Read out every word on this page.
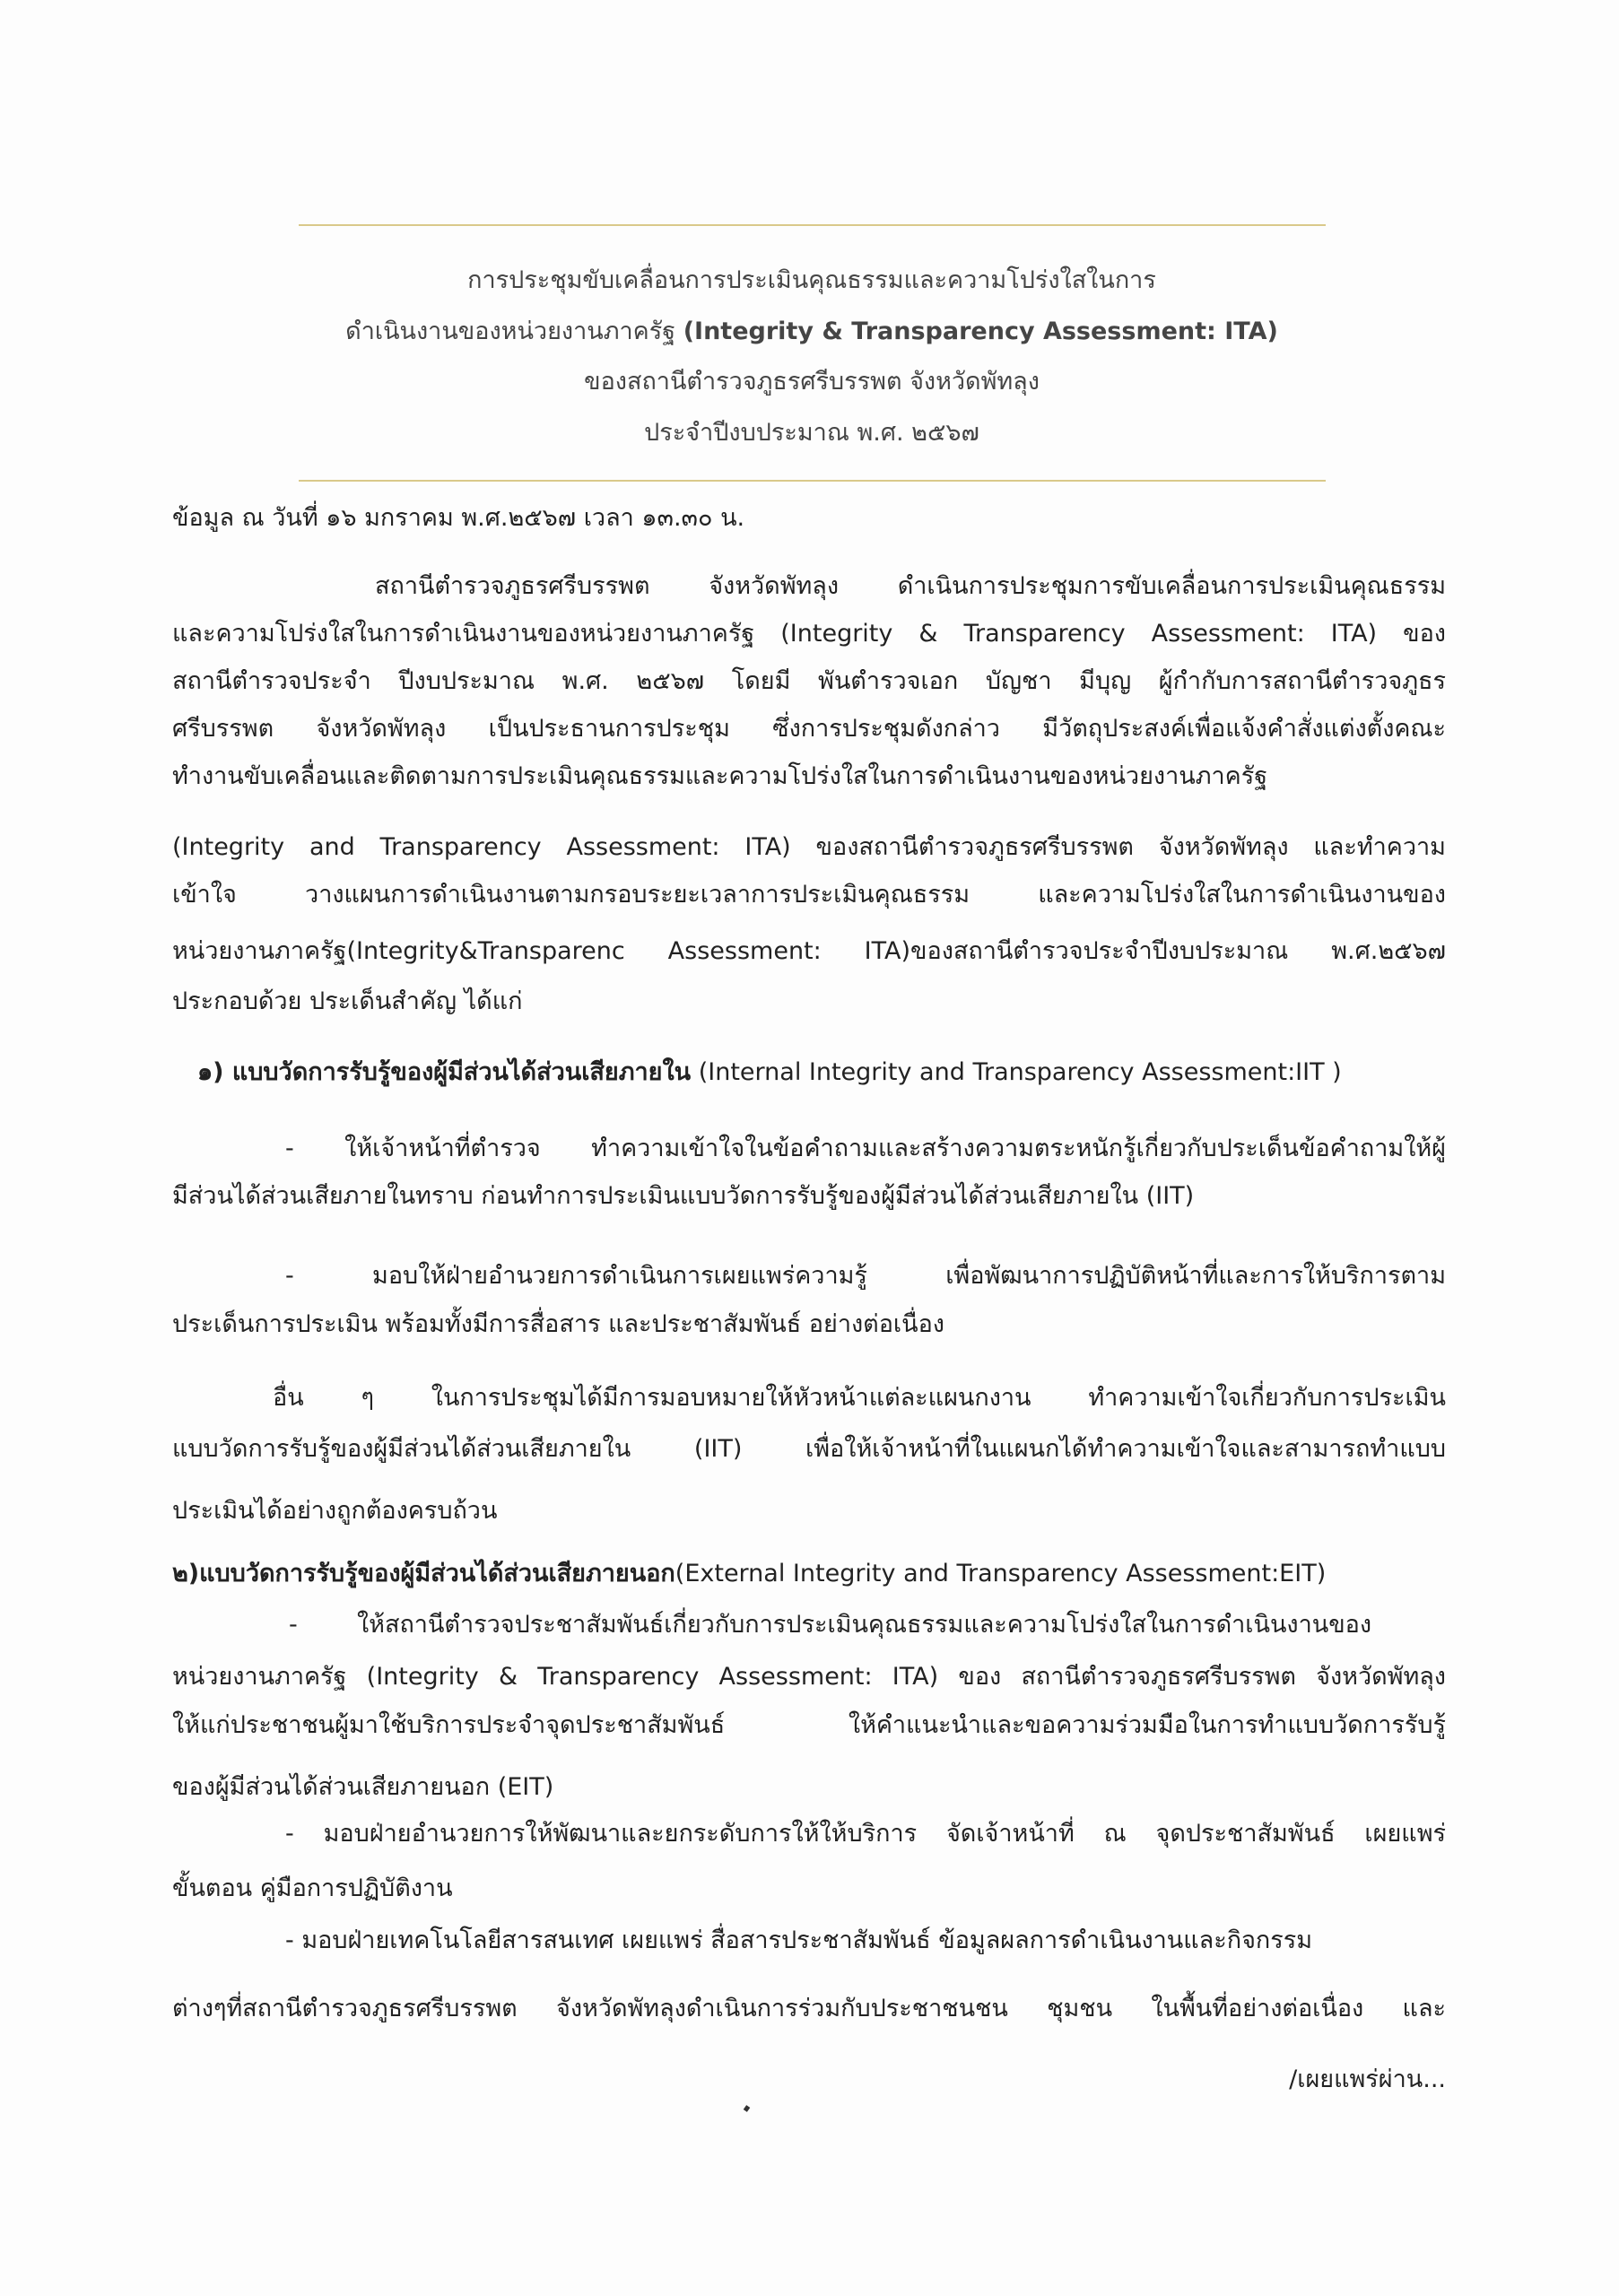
การประชุมขับเคลื่อนการประเมินคุณธรรมและความโปร่งใสในการ
ดำเนินงานของหน่วยงานภาครัฐ (Integrity & Transparency Assessment: ITA)
ของสถานีตำรวจภูธรศรีบรรพต จังหวัดพัทลุง
ประจำปีงบประมาณ พ.ศ. ๒๕๖๗
ข้อมูล ณ วันที่ ๑๖ มกราคม พ.ศ.๒๕๖๗ เวลา ๑๓.๓๐ น.
สถานีตำรวจภูธรศรีบรรพต จังหวัดพัทลุง ดำเนินการประชุมการขับเคลื่อนการประเมินคุณธรรม
และความโปร่งใสในการดำเนินงานของหน่วยงานภาครัฐ (Integrity & Transparency Assessment: ITA) ของ
สถานีตำรวจประจำ ปีงบประมาณ พ.ศ. ๒๕๖๗ โดยมี พันตำรวจเอก บัญชา มีบุญ ผู้กำกับการสถานีตำรวจภูธร
ศรีบรรพต จังหวัดพัทลุง เป็นประธานการประชุม ซึ่งการประชุมดังกล่าว มีวัตถุประสงค์เพื่อแจ้งคำสั่งแต่งตั้งคณะ
ทำงานขับเคลื่อนและติดตามการประเมินคุณธรรมและความโปร่งใสในการดำเนินงานของหน่วยงานภาครัฐ
(Integrity and Transparency Assessment: ITA) ของสถานีตำรวจภูธรศรีบรรพต จังหวัดพัทลุง และทำความ
เข้าใจ วางแผนการดำเนินงานตามกรอบระยะเวลาการประเมินคุณธรรม และความโปร่งใสในการดำเนินงานของ
หน่วยงานภาครัฐ(Integrity&Transparenc Assessment: ITA)ของสถานีตำรวจประจำปีงบประมาณ พ.ศ.๒๕๖๗
ประกอบด้วย ประเด็นสำคัญ ได้แก่
๑) แบบวัดการรับรู้ของผู้มีส่วนได้ส่วนเสียภายใน (Internal Integrity and Transparency Assessment:IIT )
- ให้เจ้าหน้าที่ตำรวจ ทำความเข้าใจในข้อคำถามและสร้างความตระหนักรู้เกี่ยวกับประเด็นข้อคำถามให้ผู้
มีส่วนได้ส่วนเสียภายในทราบ ก่อนทำการประเมินแบบวัดการรับรู้ของผู้มีส่วนได้ส่วนเสียภายใน (IIT)
- มอบให้ฝ่ายอำนวยการดำเนินการเผยแพร่ความรู้ เพื่อพัฒนาการปฏิบัติหน้าที่และการให้บริการตาม
ประเด็นการประเมิน พร้อมทั้งมีการสื่อสาร และประชาสัมพันธ์ อย่างต่อเนื่อง
อื่น ๆ ในการประชุมได้มีการมอบหมายให้หัวหน้าแต่ละแผนกงาน ทำความเข้าใจเกี่ยวกับการประเมิน
แบบวัดการรับรู้ของผู้มีส่วนได้ส่วนเสียภายใน (IIT) เพื่อให้เจ้าหน้าที่ในแผนกได้ทำความเข้าใจและสามารถทำแบบ
ประเมินได้อย่างถูกต้องครบถ้วน
๒)แบบวัดการรับรู้ของผู้มีส่วนได้ส่วนเสียภายนอก(External Integrity and Transparency Assessment:EIT)
-	ให้สถานีตำรวจประชาสัมพันธ์เกี่ยวกับการประเมินคุณธรรมและความโปร่งใสในการดำเนินงานของ
หน่วยงานภาครัฐ (Integrity & Transparency Assessment: ITA) ของ สถานีตำรวจภูธรศรีบรรพต จังหวัดพัทลุง
ให้แก่ประชาชนผู้มาใช้บริการประจำจุดประชาสัมพันธ์ ให้คำแนะนำและขอความร่วมมือในการทำแบบวัดการรับรู้
ของผู้มีส่วนได้ส่วนเสียภายนอก (EIT)
- มอบฝ่ายอำนวยการให้พัฒนาและยกระดับการให้ให้บริการ จัดเจ้าหน้าที่ ณ จุดประชาสัมพันธ์ เผยแพร่
ขั้นตอน คู่มือการปฏิบัติงาน
- มอบฝ่ายเทคโนโลยีสารสนเทศ เผยแพร่ สื่อสารประชาสัมพันธ์ ข้อมูลผลการดำเนินงานและกิจกรรม
ต่างๆที่สถานีตำรวจภูธรศรีบรรพต จังหวัดพัทลุงดำเนินการร่วมกับประชาชนชน ชุมชน ในพื้นที่อย่างต่อเนื่อง และ
/เผยแพร่ผ่าน...
